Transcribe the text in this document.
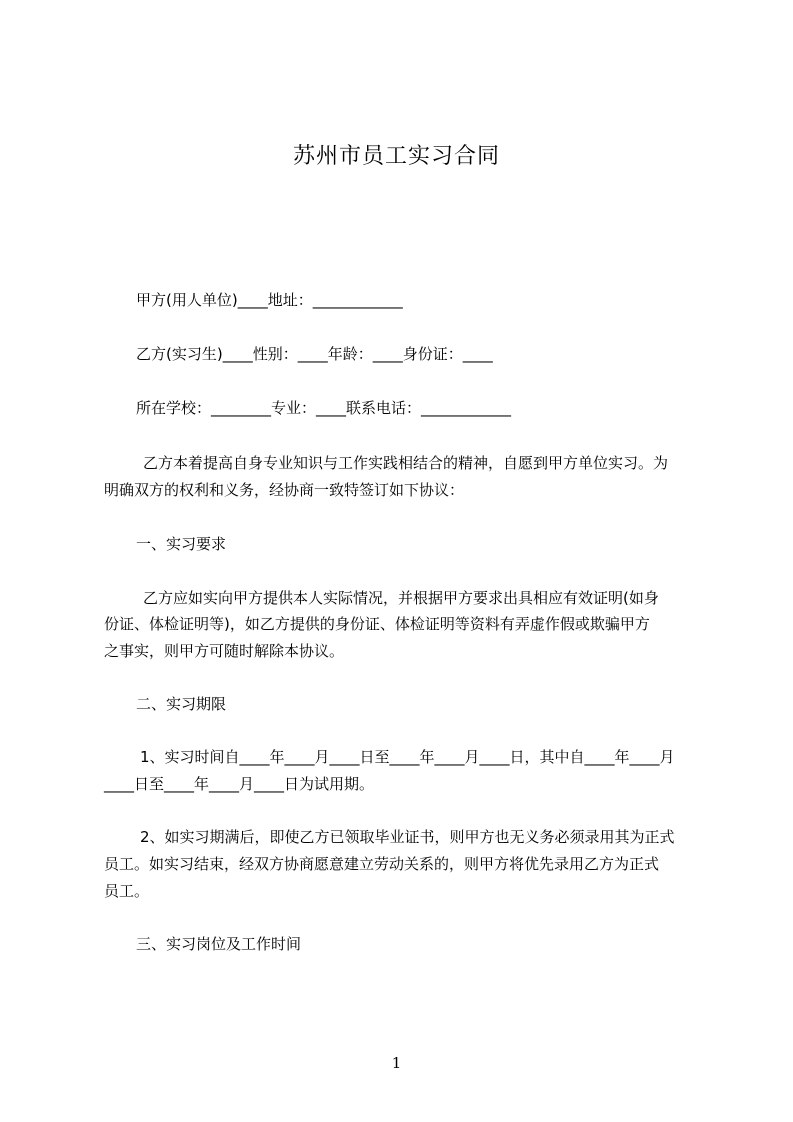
苏州市员工实习合同
甲方(用人单位)____地址：____________
乙方(实习生)____性别：____年龄：____身份证：____
所在学校：________专业：____联系电话：____________
乙方本着提高自身专业知识与工作实践相结合的精神，自愿到甲方单位实习。为
明确双方的权利和义务，经协商一致特签订如下协议：
一、实习要求
乙方应如实向甲方提供本人实际情况，并根据甲方要求出具相应有效证明(如身
份证、体检证明等)，如乙方提供的身份证、体检证明等资料有弄虚作假或欺骗甲方
之事实，则甲方可随时解除本协议。
二、实习期限
1、实习时间自____年____月____日至____年____月____日，其中自____年____月
____日至____年____月____日为试用期。
2、如实习期满后，即使乙方已领取毕业证书，则甲方也无义务必须录用其为正式
员工。如实习结束，经双方协商愿意建立劳动关系的，则甲方将优先录用乙方为正式
员工。
三、实习岗位及工作时间
1
